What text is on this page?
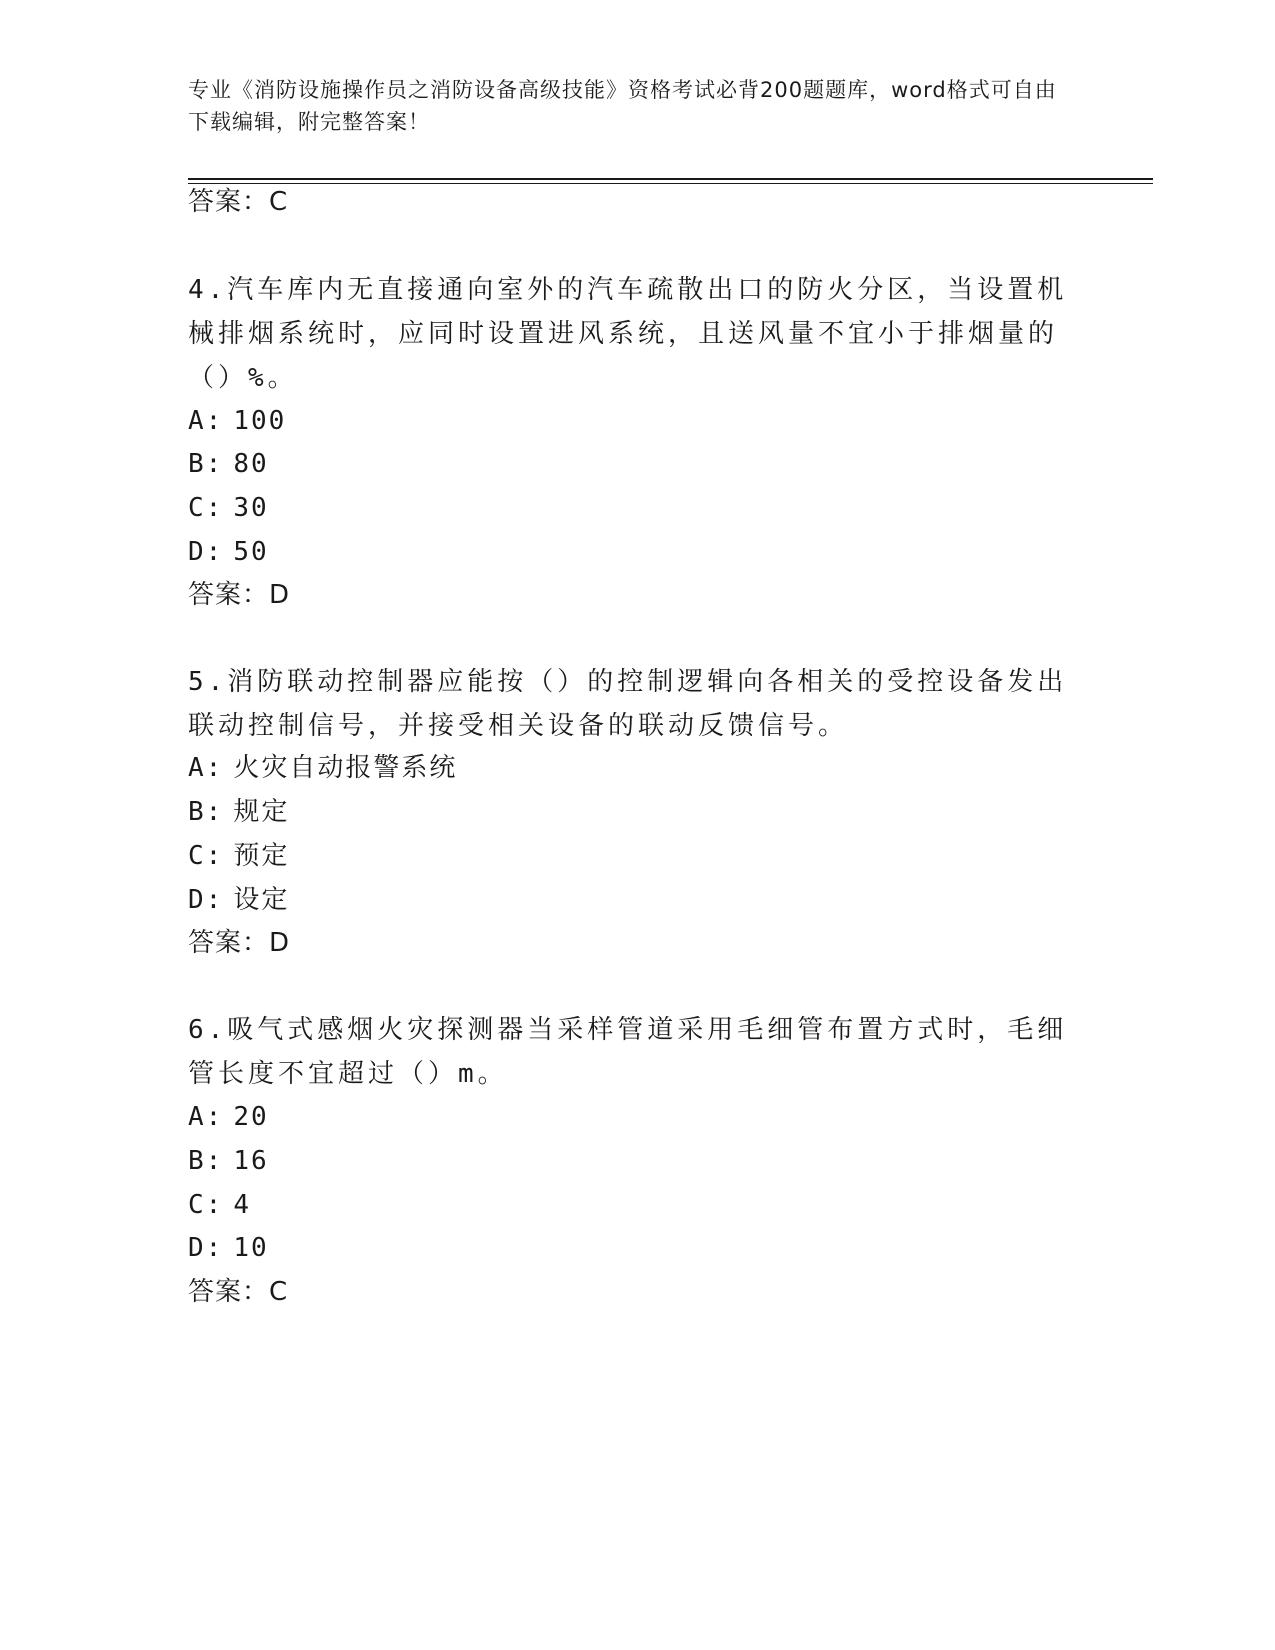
专业《消防设施操作员之消防设备高级技能》资格考试必背200题题库，word格式可自由下载编辑，附完整答案！
答案：C
4.汽车库内无直接通向室外的汽车疏散出口的防火分区，当设置机械排烟系统时，应同时设置进风系统，且送风量不宜小于排烟量的（）%。
A: 100
B: 80
C: 30
D: 50
答案：D
5.消防联动控制器应能按（）的控制逻辑向各相关的受控设备发出联动控制信号，并接受相关设备的联动反馈信号。
A: 火灾自动报警系统
B: 规定
C: 预定
D: 设定
答案：D
6.吸气式感烟火灾探测器当采样管道采用毛细管布置方式时，毛细管长度不宜超过（）m。
A: 20
B: 16
C: 4
D: 10
答案：C
